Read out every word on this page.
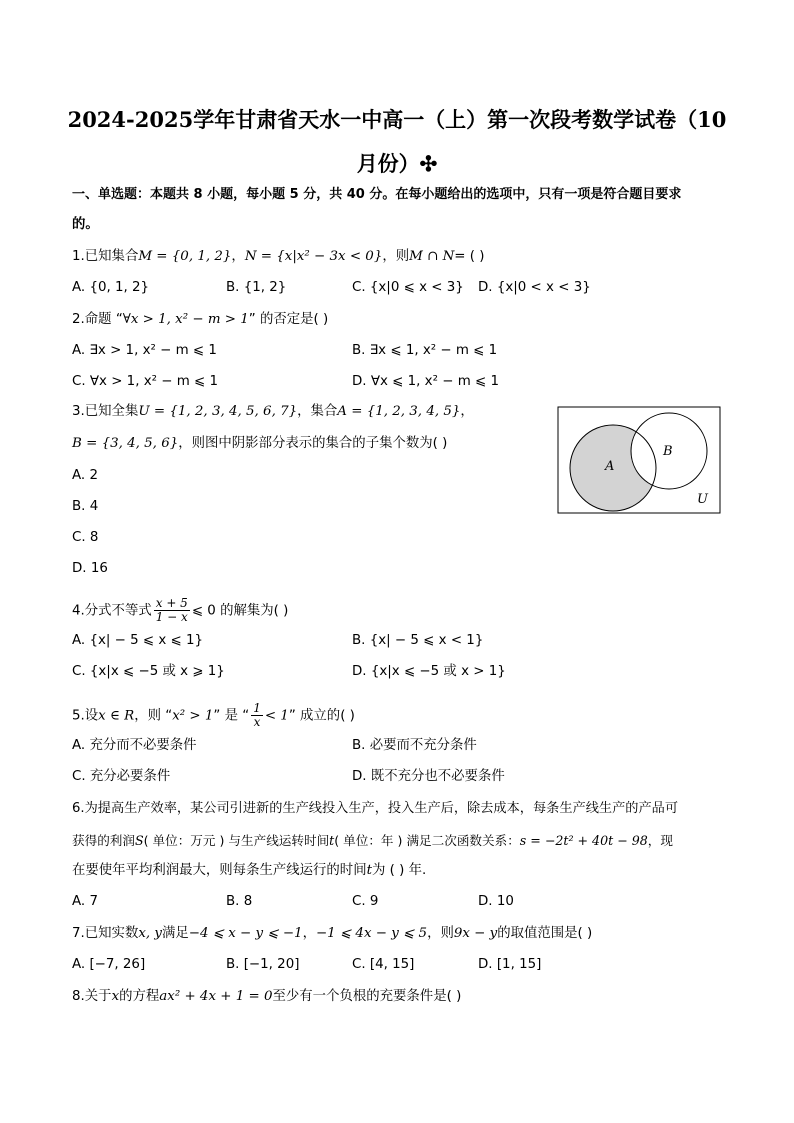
2024-2025学年甘肃省天水一中高一（上）第一次段考数学试卷（10
月份）✣
一、单选题：本题共 8 小题，每小题 5 分，共 40 分。在每小题给出的选项中，只有一项是符合题目要求
的。
1.已知集合M = {0, 1, 2}，N = {x|x² − 3x < 0}，则M ∩ N= ( )
A. {0, 1, 2}	B. {1, 2}	C. {x|0 ⩽ x < 3} D. {x|0 < x < 3}
2.命题 “∀x > 1, x² − m > 1” 的否定是( )
A. ∃x > 1, x² − m ⩽ 1	B. ∃x ⩽ 1, x² − m ⩽ 1
C. ∀x > 1, x² − m ⩽ 1	D. ∀x ⩽ 1, x² − m ⩽ 1
3.已知全集U = {1, 2, 3, 4, 5, 6, 7}，集合A = {1, 2, 3, 4, 5}，
B = {3, 4, 5, 6}，则图中阴影部分表示的集合的子集个数为( )
A. 2
B. 4
C. 8
D. 16
A
B
U
4.分式不等式 $\frac{x + 5}{1 - x}$ ⩽ 0 的解集为( )
A. {x| − 5 ⩽ x ⩽ 1}	B. {x| − 5 ⩽ x < 1}
C. {x|x ⩽ −5 或 x ⩾ 1}	D. {x|x ⩽ −5 或 x > 1}
5.设x ∈ R，则 “x² > 1” 是 “ $\frac{1}{x} < 1$” 成立的( )
A. 充分而不必要条件	B. 必要而不充分条件
C. 充分必要条件	D. 既不充分也不必要条件
6.为提高生产效率，某公司引进新的生产线投入生产，投入生产后，除去成本，每条生产线生产的产品可
获得的利润S( 单位：万元 ) 与生产线运转时间t( 单位：年 ) 满足二次函数关系：s = −2t² + 40t − 98，现
在要使年平均利润最大，则每条生产线运行的时间t为 ( ) 年.
A. 7	B. 8	C. 9	D. 10
7.已知实数x, y满足−4 ⩽ x − y ⩽ −1，−1 ⩽ 4x − y ⩽ 5，则9x − y的取值范围是( )
A. [−7, 26]	B. [−1, 20]	C. [4, 15]	D. [1, 15]
8.关于x的方程ax² + 4x + 1 = 0至少有一个负根的充要条件是( )
